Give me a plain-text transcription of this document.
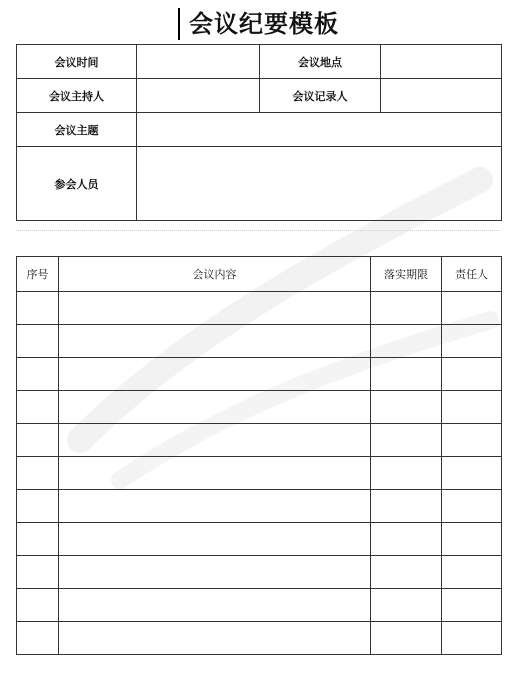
会议纪要模板
会议时间		会议地点	
会议主持人		会议记录人	
会议主题			
参会人员			
序号	会议内容	落实期限	责任人
